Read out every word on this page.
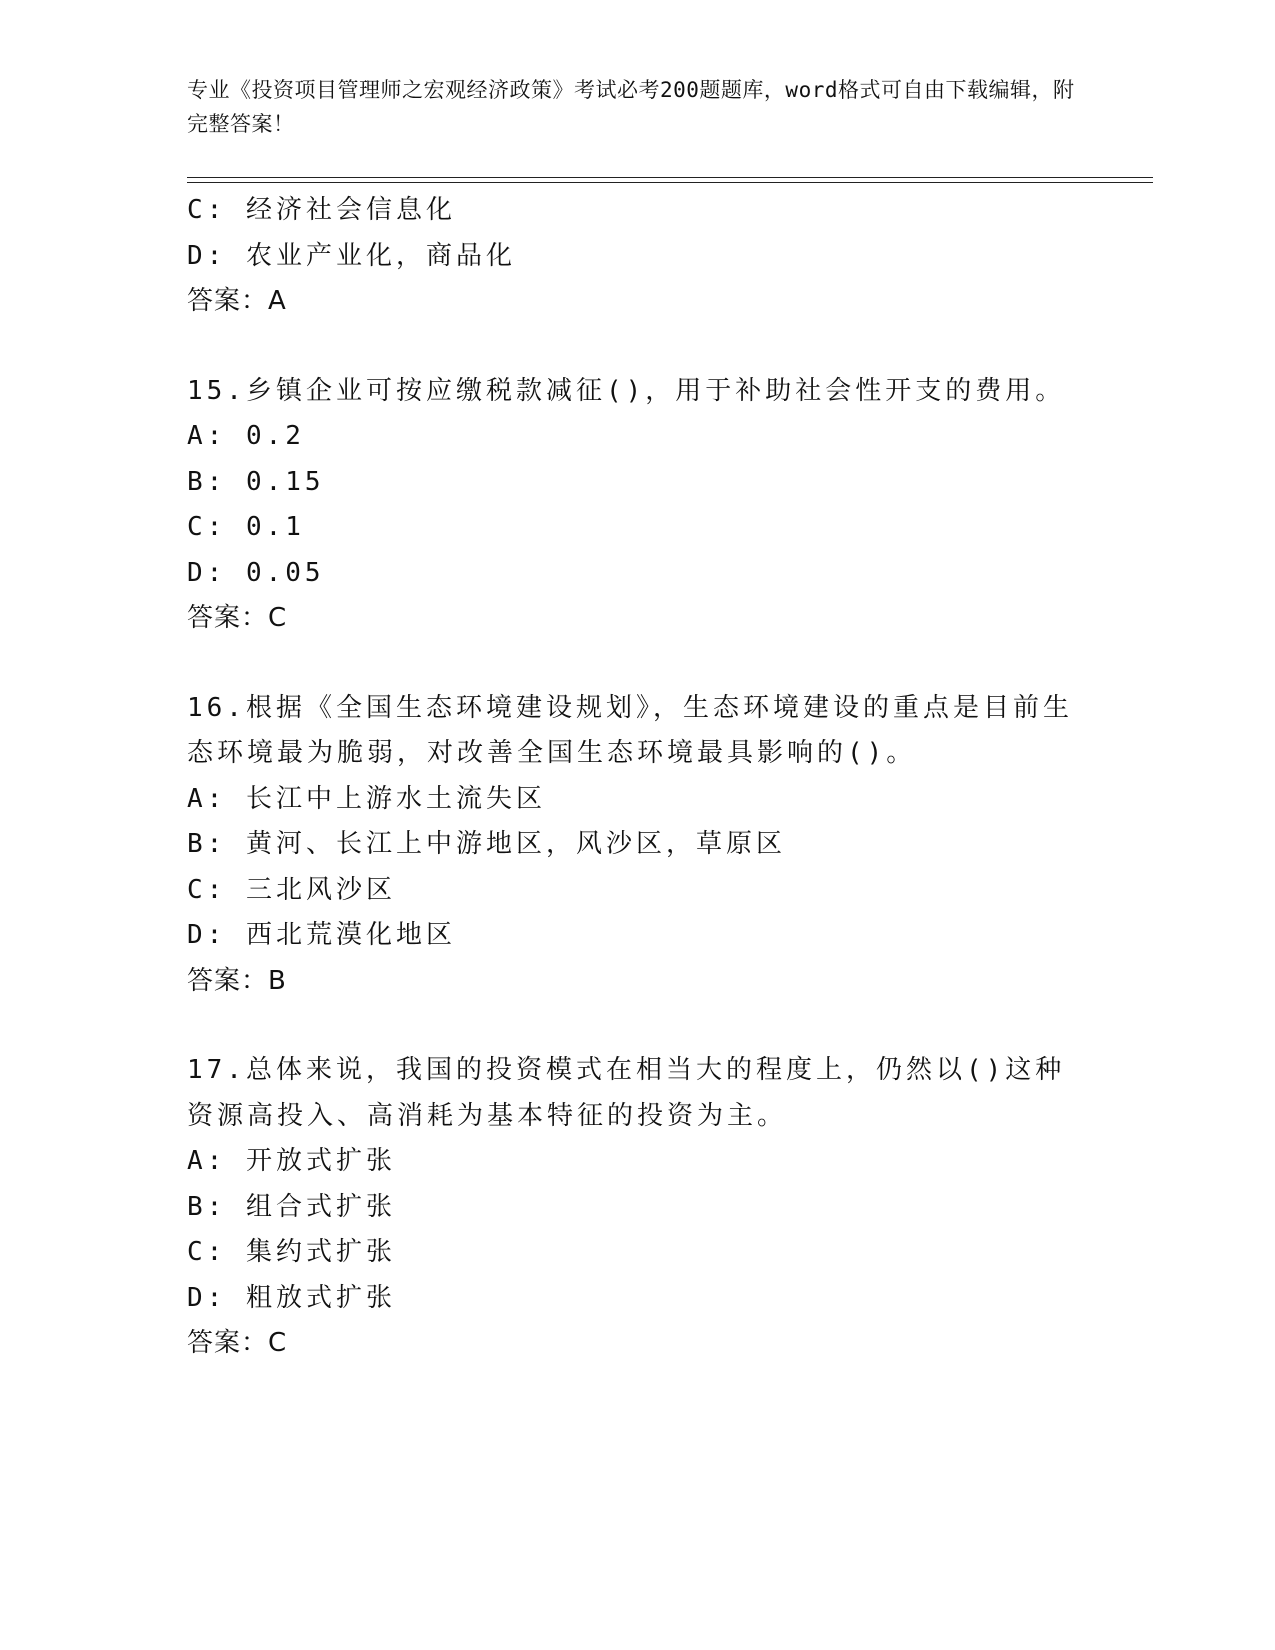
专业《投资项目管理师之宏观经济政策》考试必考200题题库，word格式可自由下载编辑，附完整答案！
C: 经济社会信息化
D: 农业产业化，商品化
答案：A
15.乡镇企业可按应缴税款减征()，用于补助社会性开支的费用。
A: 0.2
B: 0.15
C: 0.1
D: 0.05
答案：C
16.根据《全国生态环境建设规划》，生态环境建设的重点是目前生态环境最为脆弱，对改善全国生态环境最具影响的()。
A: 长江中上游水土流失区
B: 黄河、长江上中游地区，风沙区，草原区
C: 三北风沙区
D: 西北荒漠化地区
答案：B
17.总体来说，我国的投资模式在相当大的程度上，仍然以()这种资源高投入、高消耗为基本特征的投资为主。
A: 开放式扩张
B: 组合式扩张
C: 集约式扩张
D: 粗放式扩张
答案：C
